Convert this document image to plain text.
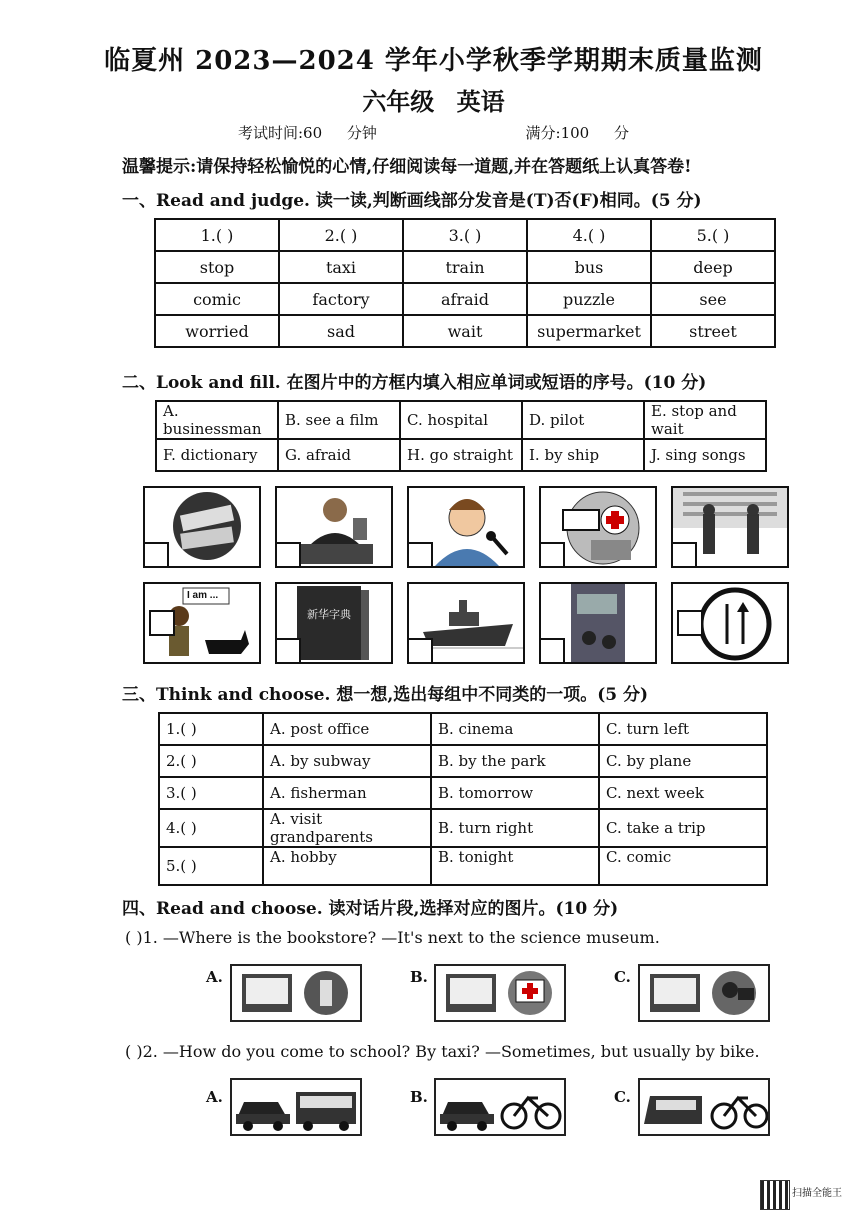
临夏州 2023—2024 学年小学秋季学期期末质量监测
六年级 英语
考试时间:60 分钟	满分:100 分
温馨提示:请保持轻松愉悦的心情,仔细阅读每一道题,并在答题纸上认真答卷!
一、Read and judge. 读一读,判断画线部分发音是(T)否(F)相同。(5 分)
1.( )	2.( )	3.( )	4.( )	5.( )
stop	taxi	train	bus	deep
comic	factory	afraid	puzzle	see
worried	sad	wait	supermarket	street
二、Look and fill. 在图片中的方框内填入相应单词或短语的序号。(10 分)
A. businessman	B. see a film	C. hospital	D. pilot	E. stop and wait
F. dictionary	G. afraid	H. go straight	I. by ship	J. sing songs
I am ...
新华字典
三、Think and choose. 想一想,选出每组中不同类的一项。(5 分)
1.( )	A. post office	B. cinema	C. turn left
2.( )	A. by subway	B. by the park	C. by plane
3.( )	A. fisherman	B. tomorrow	C. next week
4.( )	A. visit grandparents	B. turn right	C. take a trip
5.( )	A. hobby	B. tonight	C. comic
四、Read and choose. 读对话片段,选择对应的图片。(10 分)
( )1. —Where is the bookstore? —It's next to the science museum.
A.	B.	C.
( )2. —How do you come to school? By taxi? —Sometimes, but usually by bike.
A.	B.	C.
扫描全能王
